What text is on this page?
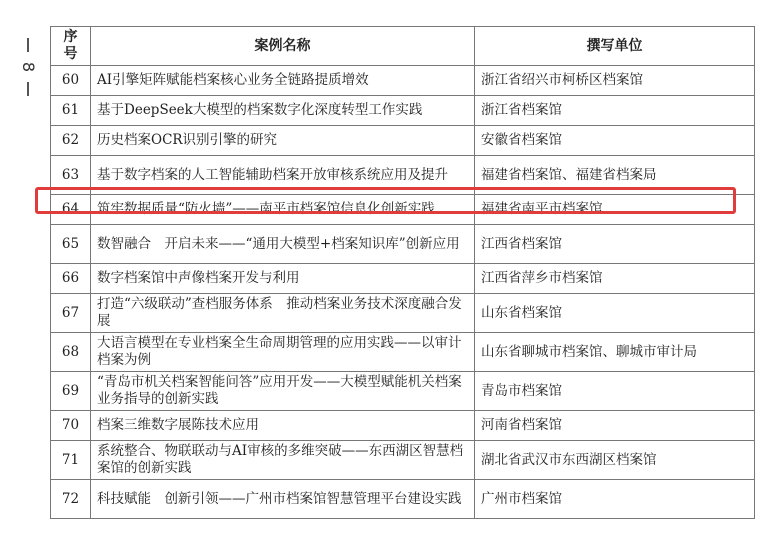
8
序号	案例名称	撰写单位
60	AI引擎矩阵赋能档案核心业务全链路提质增效	浙江省绍兴市柯桥区档案馆
61	基于DeepSeek大模型的档案数字化深度转型工作实践	浙江省档案馆
62	历史档案OCR识别引擎的研究	安徽省档案馆
63	基于数字档案的人工智能辅助档案开放审核系统应用及提升	福建省档案馆、福建省档案局
64	筑牢数据质量“防火墙”——南平市档案馆信息化创新实践	福建省南平市档案馆
65	数智融合　开启未来——“通用大模型+档案知识库”创新应用	江西省档案馆
66	数字档案馆中声像档案开发与利用	江西省萍乡市档案馆
67	打造“六级联动”查档服务体系　推动档案业务技术深度融合发展	山东省档案馆
68	大语言模型在专业档案全生命周期管理的应用实践——以审计档案为例	山东省聊城市档案馆、聊城市审计局
69	“青岛市机关档案智能问答”应用开发——大模型赋能机关档案业务指导的创新实践	青岛市档案馆
70	档案三维数字展陈技术应用	河南省档案馆
71	系统整合、物联联动与AI审核的多维突破——东西湖区智慧档案馆的创新实践	湖北省武汉市东西湖区档案馆
72	科技赋能　创新引领——广州市档案馆智慧管理平台建设实践	广州市档案馆
